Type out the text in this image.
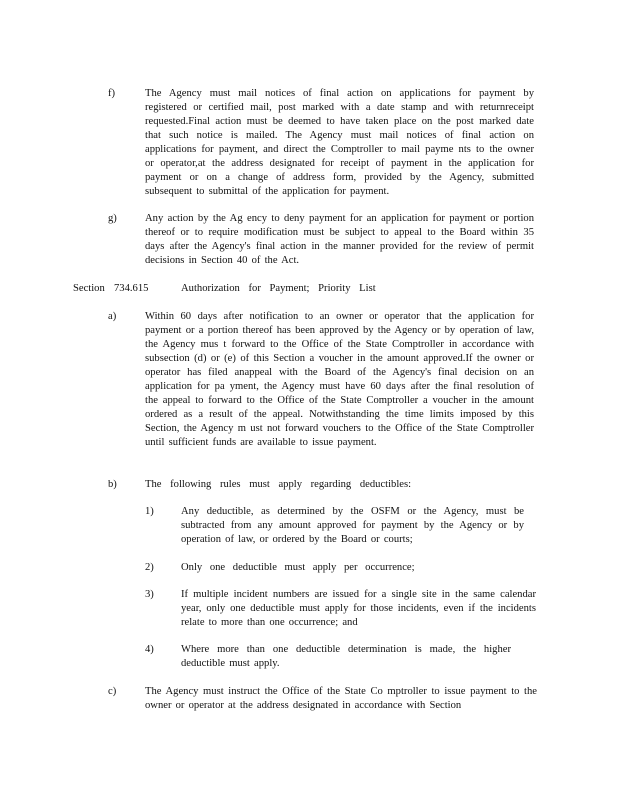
f)	The Agency must mail notices of final action on applications for payment by registered or certified mail, post marked with a date stamp and with returnreceipt requested.Final action must be deemed to have taken place on the post marked date that such notice is mailed. The Agency must mail notices of final action on applications for payment, and direct the Comptroller to mail payme nts to the owner or operator,at the address designated for receipt of payment in the application for payment or on a change of address form, provided by the Agency, submitted subsequent to submittal of the application for payment.
g)	Any action by the Ag ency to deny payment for an application for payment or portion thereof or to require modification must be subject to appeal to the Board within 35 days after the Agency's final action in the manner provided for the review of permit decisions in Section 40 of the Act.
Section 734.615	Authorization for Payment; Priority List
a)	Within 60 days after notification to an owner or operator that the application for payment or a portion thereof has been approved by the Agency or by operation of law, the Agency mus t forward to the Office of the State Comptroller in accordance with subsection (d) or (e) of this Section a voucher in the amount approved.If the owner or operator has filed anappeal with the Board of the Agency's final decision on an application for pa yment, the Agency must have 60 days after the final resolution of the appeal to forward to the Office of the State Comptroller a voucher in the amount ordered as a result of the appeal. Notwithstanding the time limits imposed by this Section, the Agency m ust not forward vouchers to the Office of the State Comptroller until sufficient funds are available to issue payment.
b)	The following rules must apply regarding deductibles:
1)	Any deductible, as determined by the OSFM or the Agency, must be subtracted from any amount approved for payment by the Agency or by operation of law, or ordered by the Board or courts;
2)	Only one deductible must apply per occurrence;
3)	If multiple incident numbers are issued for a single site in the same calendar year, only one deductible must apply for those incidents, even if the incidents relate to more than one occurrence; and
4)	Where more than one deductible determination is made, the higher deductible must apply.
c)	The Agency must instruct the Office of the State Co mptroller to issue payment to the owner or operator at the address designated in accordance with Section
